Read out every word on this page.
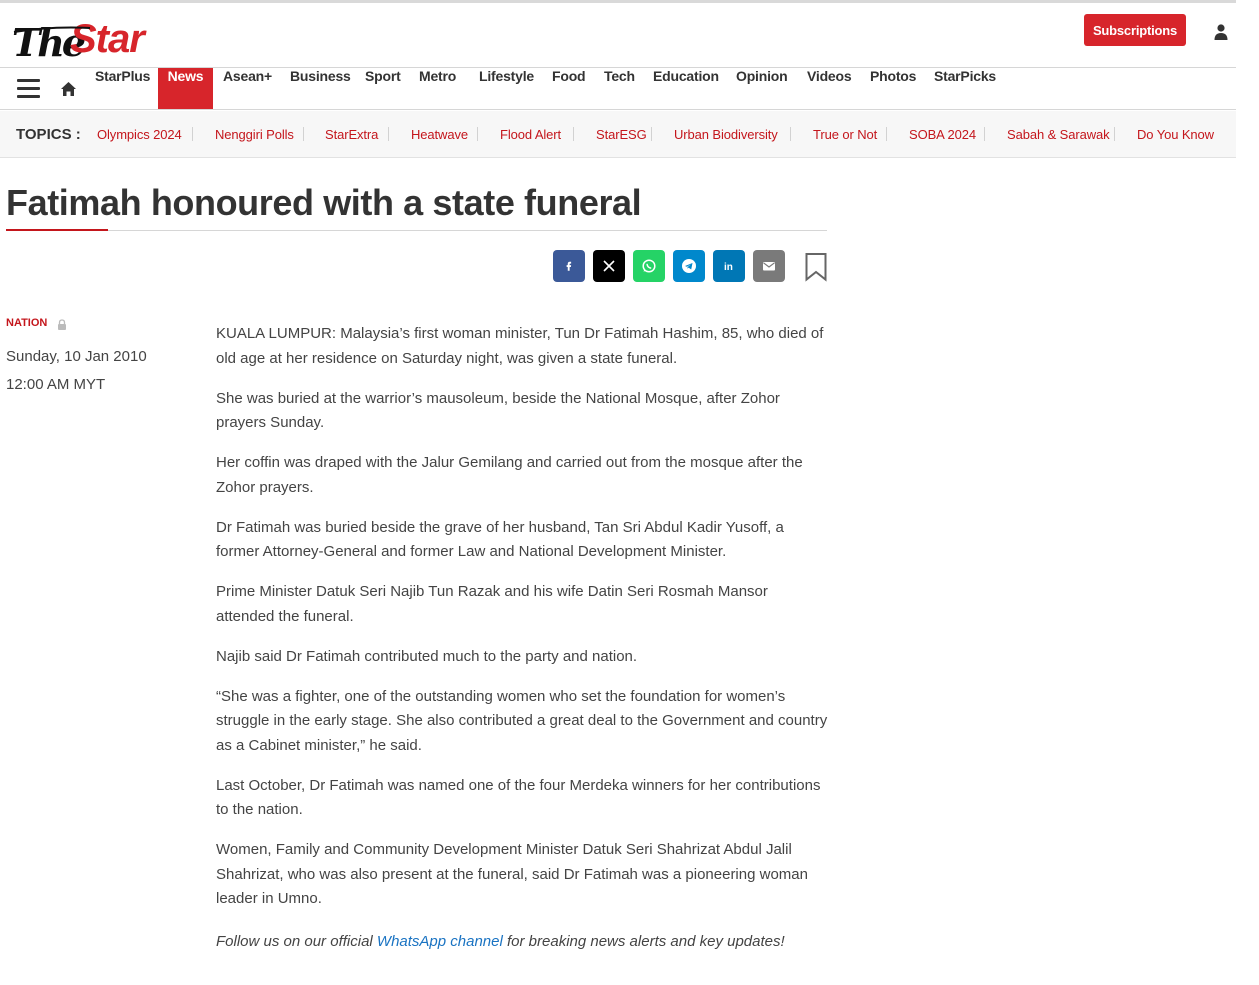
The
Star	Subscriptions
StarPlus	News	Asean+ Business Sport Metro Lifestyle Food Tech Education Opinion Videos Photos StarPicks
TOPICS : Olympics 2024	Nenggiri Polls StarExtra	Heatwave Flood Alert	StarESG Urban Biodiversity	True or Not SOBA 2024 Sabah & Sarawak Do You Know
Fatimah honoured with a state funeral
in
NATION
Sunday, 10 Jan 2010
12:00 AM MYT

KUALA LUMPUR: Malaysia’s first woman minister, Tun Dr Fatimah Hashim, 85, who died of old age at her residence on Saturday night, was given a state funeral.

She was buried at the warrior’s mausoleum, beside the National Mosque, after Zohor prayers Sunday.

Her coffin was draped with the Jalur Gemilang and carried out from the mosque after the Zohor prayers.

Dr Fatimah was buried beside the grave of her husband, Tan Sri Abdul Kadir Yusoff, a former Attorney-General and former Law and National Development Minister.

Prime Minister Datuk Seri Najib Tun Razak and his wife Datin Seri Rosmah Mansor attended the funeral.

Najib said Dr Fatimah contributed much to the party and nation.

“She was a fighter, one of the outstanding women who set the foundation for women’s struggle in the early stage. She also contributed a great deal to the Government and country as a Cabinet minister,” he said.

Last October, Dr Fatimah was named one of the four Merdeka winners for her contributions to the nation.

Women, Family and Community Development Minister Datuk Seri Shahrizat Abdul Jalil Shahrizat, who was also present at the funeral, said Dr Fatimah was a pioneering woman leader in Umno.

Follow us on our official WhatsApp channel for breaking news alerts and key updates!
